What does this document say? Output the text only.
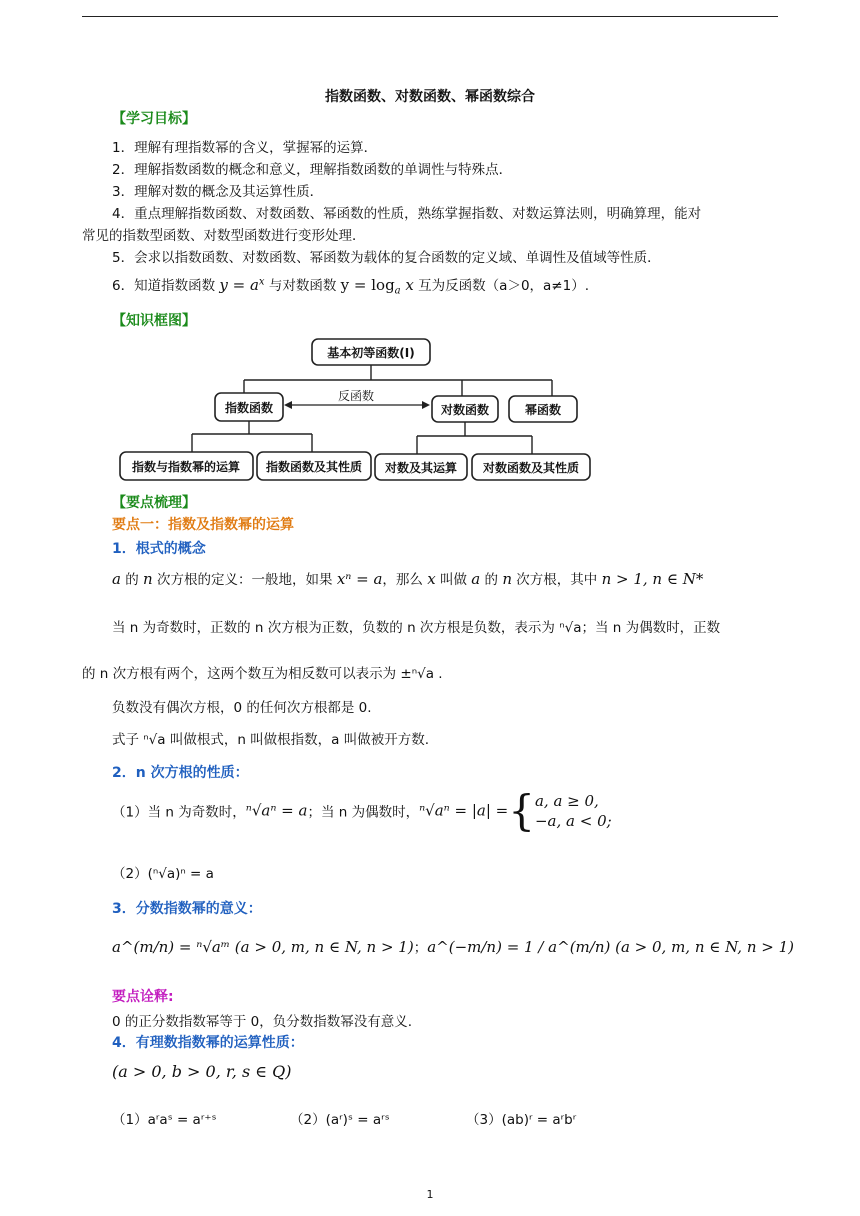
指数函数、对数函数、幂函数综合
【学习目标】
1．理解有理指数幂的含义，掌握幂的运算．
2．理解指数函数的概念和意义，理解指数函数的单调性与特殊点．
3．理解对数的概念及其运算性质．
4．重点理解指数函数、对数函数、幂函数的性质，熟练掌握指数、对数运算法则，明确算理，能对
常见的指数型函数、对数型函数进行变形处理．
5．会求以指数函数、对数函数、幂函数为载体的复合函数的定义域、单调性及值域等性质．
6．知道指数函数 $y = a^x$ 与对数函数 $y = \log_a x$ 互为反函数（a＞0，a≠1）.
【知识框图】
基本初等函数(I)
指数函数	对数函数	幂函数
反函数
指数与指数幂的运算 指数函数及其性质 对数及其运算 对数函数及其性质
【要点梳理】
要点一：指数及指数幂的运算
1．根式的概念
a 的 n 次方根的定义：一般地，如果 xⁿ = a，那么 x 叫做 a 的 n 次方根，其中 n > 1, n ∈ N*
当 n 为奇数时，正数的 n 次方根为正数，负数的 n 次方根是负数，表示为 ⁿ√a；当 n 为偶数时，正数
的 n 次方根有两个，这两个数互为相反数可以表示为 ±ⁿ√a .
负数没有偶次方根，0 的任何次方根都是 0.
式子 ⁿ√a 叫做根式，n 叫做根指数，a 叫做被开方数.
2．n 次方根的性质：
（1）当 n 为奇数时，ⁿ√aⁿ = a；当 n 为偶数时，ⁿ√aⁿ = |a| ={ a, a ≥ 0,
−a, a < 0;
（2）(ⁿ√a)ⁿ = a
3．分数指数幂的意义：
a^(m/n) = ⁿ√aᵐ (a > 0, m, n ∈ N, n > 1)；a^(−m/n) = 1 / a^(m/n) (a > 0, m, n ∈ N, n > 1)
要点诠释:
0 的正分数指数幂等于 0，负分数指数幂没有意义.
4．有理数指数幂的运算性质：
(a > 0, b > 0, r, s ∈ Q)
（1）aʳaˢ = aʳ⁺ˢ	（2）(aʳ)ˢ = aʳˢ	（3）(ab)ʳ = aʳbʳ
1
